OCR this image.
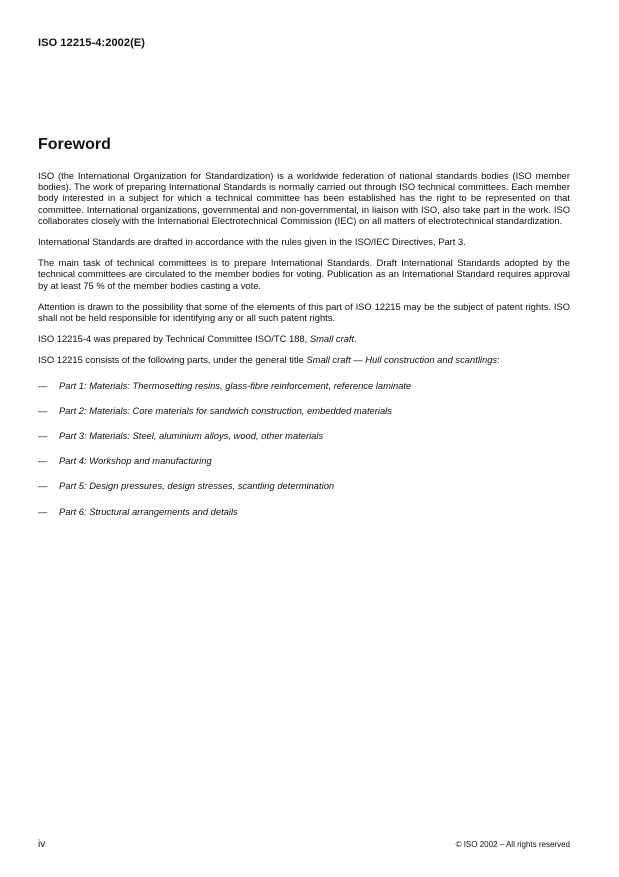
ISO 12215-4:2002(E)
Foreword

ISO (the International Organization for Standardization) is a worldwide federation of national standards bodies (ISO member bodies). The work of preparing International Standards is normally carried out through ISO technical committees. Each member body interested in a subject for which a technical committee has been established has the right to be represented on that committee. International organizations, governmental and non-governmental, in liaison with ISO, also take part in the work. ISO collaborates closely with the International Electrotechnical Commission (IEC) on all matters of electrotechnical standardization.

International Standards are drafted in accordance with the rules given in the ISO/IEC Directives, Part 3.

The main task of technical committees is to prepare International Standards. Draft International Standards adopted by the technical committees are circulated to the member bodies for voting. Publication as an International Standard requires approval by at least 75 % of the member bodies casting a vote.

Attention is drawn to the possibility that some of the elements of this part of ISO 12215 may be the subject of patent rights. ISO shall not be held responsible for identifying any or all such patent rights.

ISO 12215-4 was prepared by Technical Committee ISO/TC 188, Small craft.

ISO 12215 consists of the following parts, under the general title Small craft — Hull construction and scantlings:

—	Part 1: Materials: Thermosetting resins, glass-fibre reinforcement, reference laminate
—	Part 2: Materials: Core materials for sandwich construction, embedded materials
—	Part 3: Materials: Steel, aluminium alloys, wood, other materials
—	Part 4: Workshop and manufacturing
—	Part 5: Design pressures, design stresses, scantling determination
—	Part 6: Structural arrangements and details
iv	© ISO 2002 – All rights reserved
